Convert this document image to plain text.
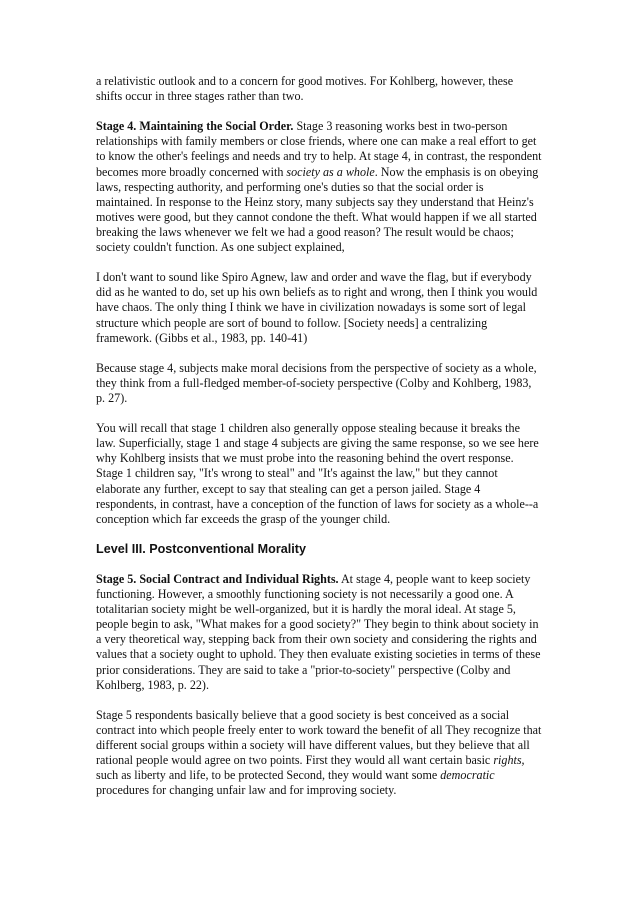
a relativistic outlook and to a concern for good motives. For Kohlberg, however, these shifts occur in three stages rather than two.

Stage 4. Maintaining the Social Order. Stage 3 reasoning works best in two-person relationships with family members or close friends, where one can make a real effort to get to know the other's feelings and needs and try to help. At stage 4, in contrast, the respondent becomes more broadly concerned with society as a whole. Now the emphasis is on obeying laws, respecting authority, and performing one's duties so that the social order is maintained. In response to the Heinz story, many subjects say they understand that Heinz's motives were good, but they cannot condone the theft. What would happen if we all started breaking the laws whenever we felt we had a good reason? The result would be chaos; society couldn't function. As one subject explained,

I don't want to sound like Spiro Agnew, law and order and wave the flag, but if everybody did as he wanted to do, set up his own beliefs as to right and wrong, then I think you would have chaos. The only thing I think we have in civilization nowadays is some sort of legal structure which people are sort of bound to follow. [Society needs] a centralizing framework. (Gibbs et al., 1983, pp. 140-41)

Because stage 4, subjects make moral decisions from the perspective of society as a whole, they think from a full-fledged member-of-society perspective (Colby and Kohlberg, 1983, p. 27).

You will recall that stage 1 children also generally oppose stealing because it breaks the law. Superficially, stage 1 and stage 4 subjects are giving the same response, so we see here why Kohlberg insists that we must probe into the reasoning behind the overt response. Stage 1 children say, "It's wrong to steal" and "It's against the law," but they cannot elaborate any further, except to say that stealing can get a person jailed. Stage 4 respondents, in contrast, have a conception of the function of laws for society as a whole--a conception which far exceeds the grasp of the younger child.

Level III. Postconventional Morality

Stage 5. Social Contract and Individual Rights. At stage 4, people want to keep society functioning. However, a smoothly functioning society is not necessarily a good one. A totalitarian society might be well-organized, but it is hardly the moral ideal. At stage 5, people begin to ask, "What makes for a good society?" They begin to think about society in a very theoretical way, stepping back from their own society and considering the rights and values that a society ought to uphold. They then evaluate existing societies in terms of these prior considerations. They are said to take a "prior-to-society" perspective (Colby and Kohlberg, 1983, p. 22).

Stage 5 respondents basically believe that a good society is best conceived as a social contract into which people freely enter to work toward the benefit of all They recognize that different social groups within a society will have different values, but they believe that all rational people would agree on two points. First they would all want certain basic rights, such as liberty and life, to be protected Second, they would want some democratic procedures for changing unfair law and for improving society.
